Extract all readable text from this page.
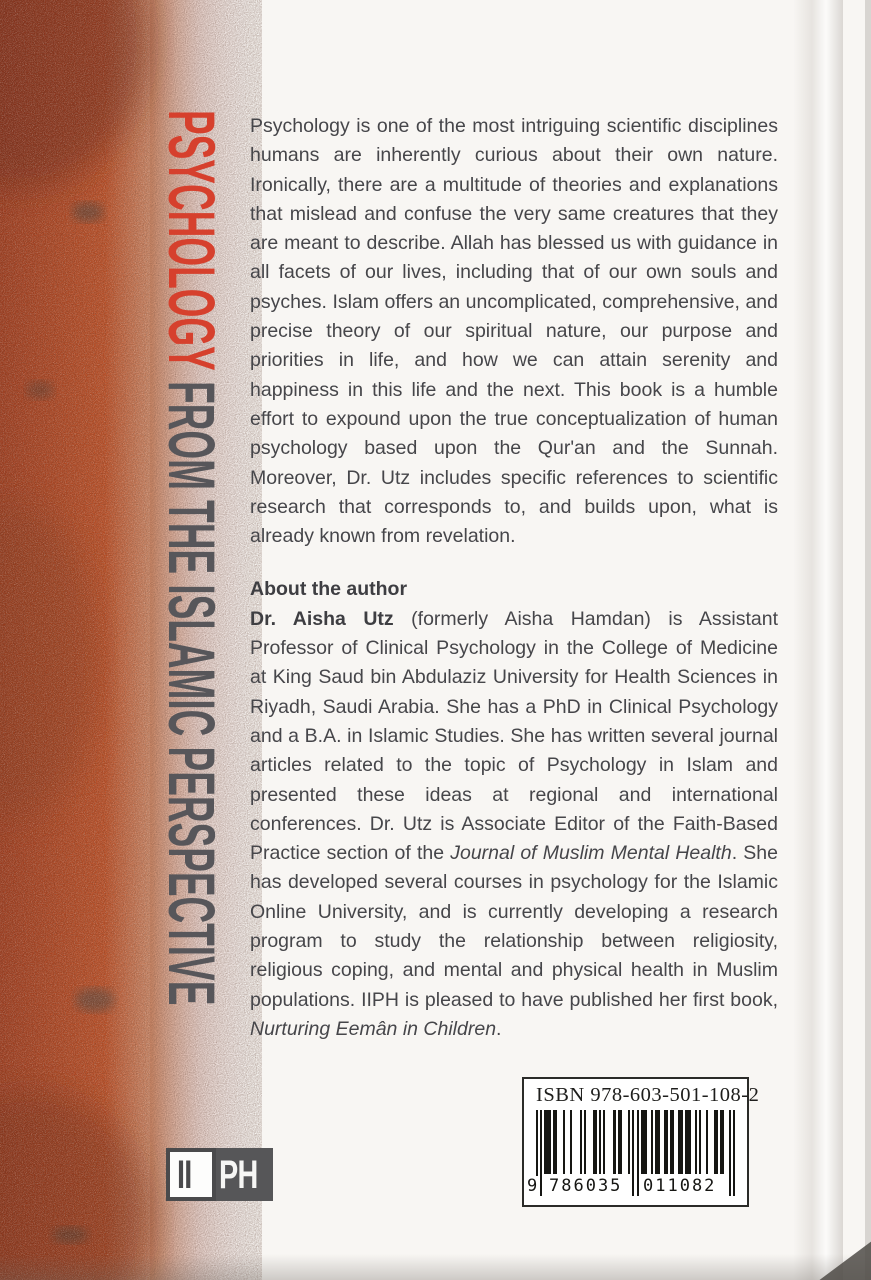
PSYCHOLOGY FROM THE ISLAMIC PERSPECTIVE

Psychology is one of the most intriguing scientific disciplines humans are inherently curious about their own nature. Ironically, there are a multitude of theories and explanations that mislead and confuse the very same creatures that they are meant to describe. Allah has blessed us with guidance in all facets of our lives, including that of our own souls and psyches. Islam offers an uncomplicated, comprehensive, and precise theory of our spiritual nature, our purpose and priorities in life, and how we can attain serenity and happiness in this life and the next. This book is a humble effort to expound upon the true conceptualization of human psychology based upon the Qur'an and the Sunnah. Moreover, Dr. Utz includes specific references to scientific research that corresponds to, and builds upon, what is already known from revelation.

About the author

Dr. Aisha Utz (formerly Aisha Hamdan) is Assistant Professor of Clinical Psychology in the College of Medicine at King Saud bin Abdulaziz University for Health Sciences in Riyadh, Saudi Arabia. She has a PhD in Clinical Psychology and a B.A. in Islamic Studies. She has written several journal articles related to the topic of Psychology in Islam and presented these ideas at regional and international conferences. Dr. Utz is Associate Editor of the Faith-Based Practice section of the Journal of Muslim Mental Health. She has developed several courses in psychology for the Islamic Online University, and is currently developing a research program to study the relationship between religiosity, religious coping, and mental and physical health in Muslim populations. IIPH is pleased to have published her first book, Nurturing Eemân in Children.

ISBN 978-603-501-108-2
9 786035 011082
II PH
